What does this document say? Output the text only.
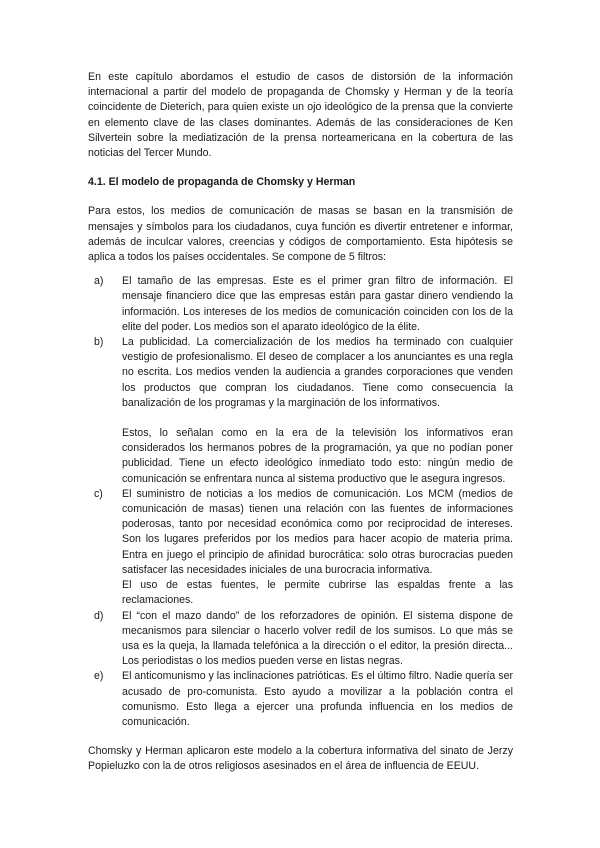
En este capítulo abordamos el estudio de casos de distorsión de la información internacional a partir del modelo de propaganda de Chomsky y Herman y de la teoría coincidente de Dieterich, para quien existe un ojo ideológico de la prensa que la convierte en elemento clave de las clases dominantes. Además de las consideraciones de Ken Silvertein sobre la mediatización de la prensa norteamericana en la cobertura de las noticias del Tercer Mundo.

4.1. El modelo de propaganda de Chomsky y Herman

Para estos, los medios de comunicación de masas se basan en la transmisión de mensajes y símbolos para los ciudadanos, cuya función es divertir entretener e informar, además de inculcar valores, creencias y códigos de comportamiento. Esta hipótesis se aplica a todos los países occidentales. Se compone de 5 filtros:

a) El tamaño de las empresas. Este es el primer gran filtro de información. El mensaje financiero dice que las empresas están para gastar dinero vendiendo la información. Los intereses de los medios de comunicación coinciden con los de la elite del poder. Los medios son el aparato ideológico de la élite.

b) La publicidad. La comercialización de los medios ha terminado con cualquier vestigio de profesionalismo. El deseo de complacer a los anunciantes es una regla no escrita. Los medios venden la audiencia a grandes corporaciones que venden los productos que compran los ciudadanos. Tiene como consecuencia la banalización de los programas y la marginación de los informativos.

Estos, lo señalan como en la era de la televisión los informativos eran considerados los hermanos pobres de la programación, ya que no podían poner publicidad. Tiene un efecto ideológico inmediato todo esto: ningún medio de comunicación se enfrentara nunca al sistema productivo que le asegura ingresos.

c) El suministro de noticias a los medios de comunicación. Los MCM (medios de comunicación de masas) tienen una relación con las fuentes de informaciones poderosas, tanto por necesidad económica como por reciprocidad de intereses. Son los lugares preferidos por los medios para hacer acopio de materia prima. Entra en juego el principio de afinidad burocrática: solo otras burocracias pueden satisfacer las necesidades iniciales de una burocracia informativa.

El uso de estas fuentes, le permite cubrirse las espaldas frente a las reclamaciones.

d) El “con el mazo dando” de los reforzadores de opinión. El sistema dispone de mecanismos para silenciar o hacerlo volver redil de los sumisos. Lo que más se usa es la queja, la llamada telefónica a la dirección o el editor, la presión directa... Los periodistas o los medios pueden verse en listas negras.

e) El anticomunismo y las inclinaciones patrióticas. Es el último filtro. Nadie quería ser acusado de pro-comunista. Esto ayudo a movilizar a la población contra el comunismo. Esto llega a ejercer una profunda influencia en los medios de comunicación.

Chomsky y Herman aplicaron este modelo a la cobertura informativa del sinato de Jerzy Popieluzko con la de otros religiosos asesinados en el área de influencia de EEUU.
